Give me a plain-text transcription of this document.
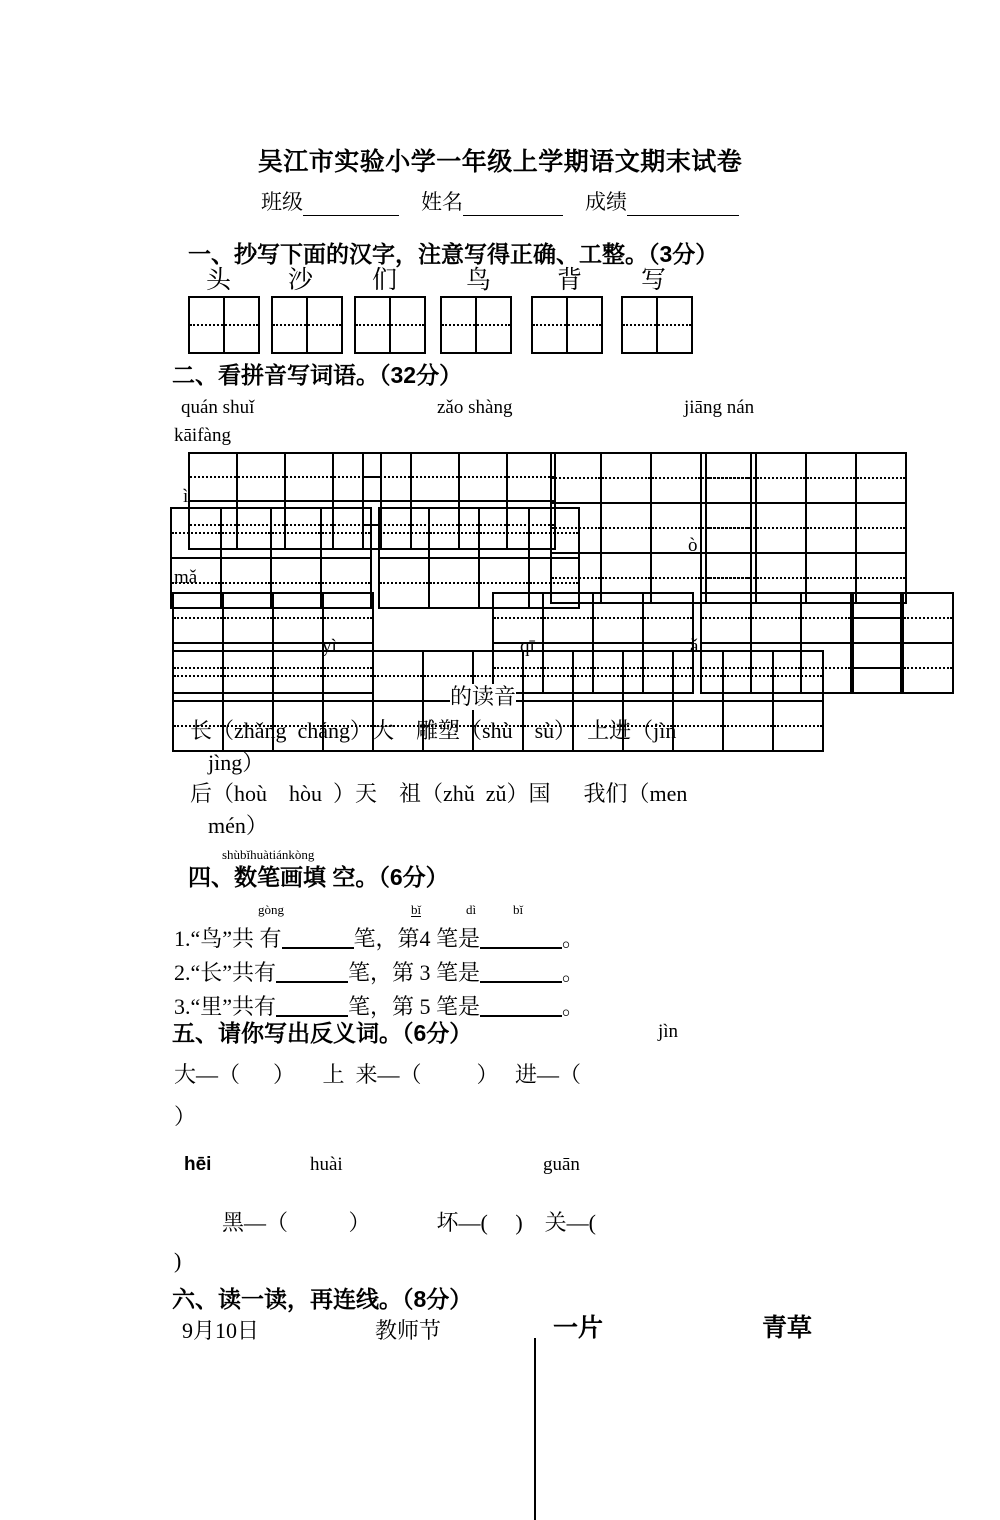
吴江市实验小学一年级上学期语文期末试卷
班级	姓名	成绩
一、抄写下面的汉字，注意写得正确、工整。（3分）
头 沙 们	鸟	背 写
二、看拼音写词语。（32分）
quán shuǐ	zǎo shàng	jiāng nán
kāifàng
ì
ò
mǎ
yì	qī	ǎ
的读音
长（zhǎng  cháng）大    雕塑（shù    sù）  上进（jìn
jìng）
后（hoù    hòu  ）天    祖（zhǔ  zǔ）国      我们（men
mén）
shùbǐhuàtiánkòng
四、数笔画填 空。（6分）
gòng	bǐ	dì	bǐ
1.“鸟”共 有	笔，第4 笔是	。
2.“长”共有	笔，第 3 笔是	。
3.“里”共有	笔，第 5 笔是	。
五、请你写出反义词。（6分）	jìn
大—（      ）     上  来—（          ）   进—（
）
hēi	huài	guān
黑—（           ）            坏—(     )    关—(
)
六、读一读，再连线。（8分）
9月10日	教师节	一片	青草
